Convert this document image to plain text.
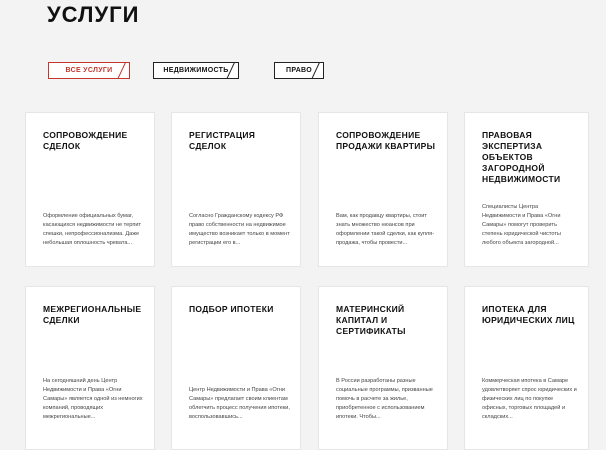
УСЛУГИ
ВСЕ УСЛУГИ	НЕДВИЖИМОСТЬ	ПРАВО
СОПРОВОЖДЕНИЕ СДЕЛОК
Оформление официальных бумаг, касающихся недвижимости не терпит спешки, непрофессионализма. Даже небольшая оплошность чревата...
РЕГИСТРАЦИЯ СДЕЛОК
Согласно Гражданскому кодексу РФ право собственности на недвижимое имущество возникает только в момент регистрации его в...
СОПРОВОЖДЕНИЕ ПРОДАЖИ КВАРТИРЫ
Вам, как продавцу квартиры, стоит знать множество нюансов при оформлении такой сделки, как купля-продажа, чтобы провести...
ПРАВОВАЯ ЭКСПЕРТИЗА ОБЪЕКТОВ ЗАГОРОДНОЙ НЕДВИЖИМОСТИ
Специалисты Центра Недвижимости и Права «Огни Самары» помогут проверить степень юридической чистоты любого объекта загородной...
МЕЖРЕГИОНАЛЬНЫЕ СДЕЛКИ
На сегодняшний день Центр Недвижимости и Права «Огни Самары» является одной из немногих компаний, проводящих межрегиональные...
ПОДБОР ИПОТЕКИ
Центр Недвижимости и Права «Огни Самары» предлагает своим клиентам облегчить процесс получения ипотеки, воспользовавшись...
МАТЕРИНСКИЙ КАПИТАЛ И СЕРТИФИКАТЫ
В России разработаны разные социальные программы, призванные помочь в расчете за жилье, приобретенное с использованием ипотеки. Чтобы...
ИПОТЕКА ДЛЯ ЮРИДИЧЕСКИХ ЛИЦ
Коммерческая ипотека в Самаре удовлетворяет спрос юридических и физических лиц по покупке офисных, торговых площадей и складских...
